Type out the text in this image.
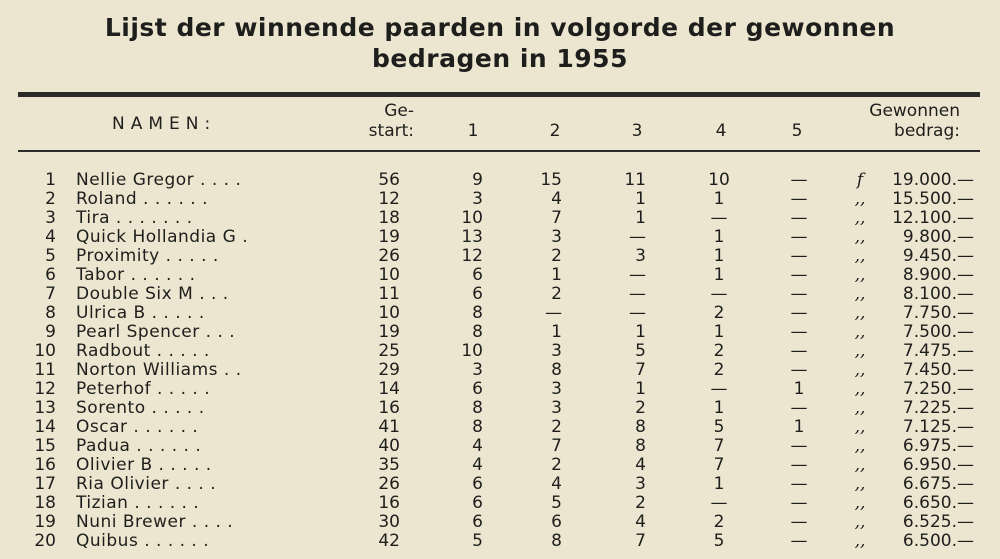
Lijst der winnende paarden in volgorde der gewonnen
bedragen in 1955
NAMEN:
Ge-
start:	1	2	3	4	5
Gewonnen
bedrag:
1 Nellie Gregor . . . .	56	9	15	11	10	—	f	19.000.—
2 Roland . . . . . .	12	3	4	1	1	—	,,	15.500.—
3 Tira . . . . . . .	18	10	7	1	—	—	,,	12.100.—
4 Quick Hollandia G .	19	13	3	—	1	—	,,	9.800.—
5 Proximity . . . . .	26	12	2	3	1	—	,,	9.450.—
6 Tabor . . . . . .	10	6	1	—	1	—	,,	8.900.—
7 Double Six M . . .	11	6	2	—	—	—	,,	8.100.—
8 Ulrica B . . . . .	10	8	—	—	2	—	,,	7.750.—
9 Pearl Spencer . . .	19	8	1	1	1	—	,,	7.500.—
10 Radbout . . . . .	25	10	3	5	2	—	,,	7.475.—
11 Norton Williams . .	29	3	8	7	2	—	,,	7.450.—
12 Peterhof . . . . .	14	6	3	1	—	1	,,	7.250.—
13 Sorento . . . . .	16	8	3	2	1	—	,,	7.225.—
14 Oscar . . . . . .	41	8	2	8	5	1	,,	7.125.—
15 Padua . . . . . .	40	4	7	8	7	—	,,	6.975.—
16 Olivier B . . . . .	35	4	2	4	7	—	,,	6.950.—
17 Ria Olivier . . . .	26	6	4	3	1	—	,,	6.675.—
18 Tizian . . . . . .	16	6	5	2	—	—	,,	6.650.—
19 Nuni Brewer . . . .	30	6	6	4	2	—	,,	6.525.—
20 Quibus . . . . . .	42	5	8	7	5	—	,,	6.500.—
